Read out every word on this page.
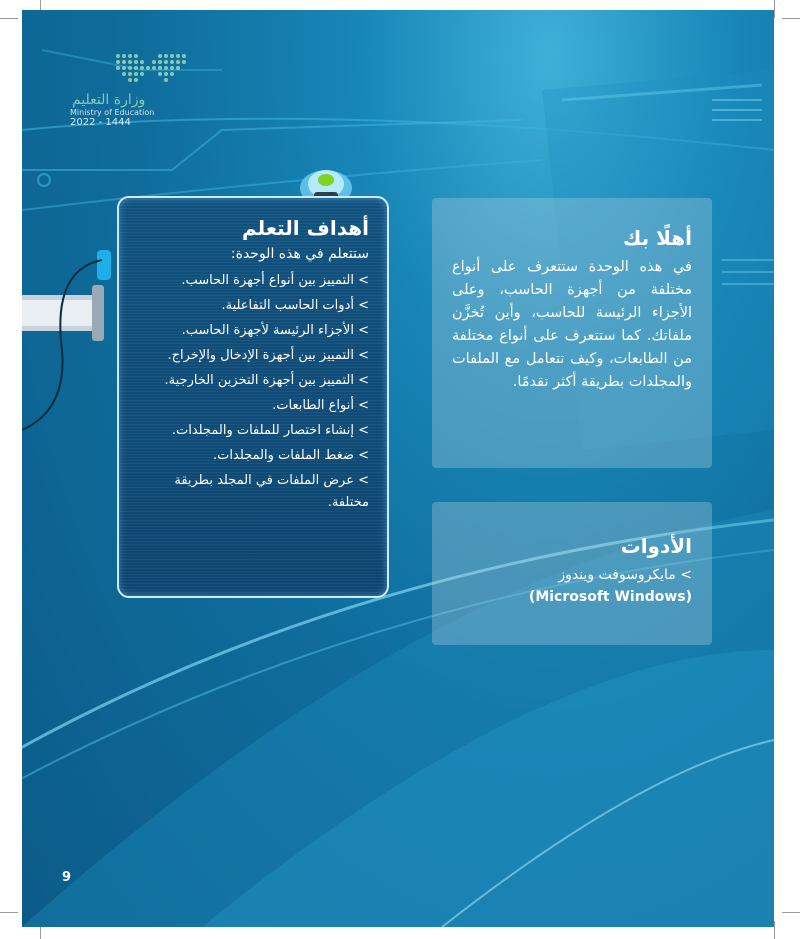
وزارة التعليم
Ministry of Education
2022 - 1444
أهداف التعلم
ستتعلم في هذه الوحدة:
> التمييز بين أنواع أجهزة الحاسب.
> أدوات الحاسب التفاعلية.
> الأجزاء الرئيسة لأجهزة الحاسب.
> التمييز بين أجهزة الإدخال والإخراج.
> التمييز بين أجهزة التخزين الخارجية.
> أنواع الطابعات.
> إنشاء اختصار للملفات والمجلدات.
> ضغط الملفات والمجلدات.
> عرض الملفات في المجلد بطريقة مختلفة.
أهلًا بك

في هذه الوحدة ستتعرف على أنواع مختلفة من أجهزة الحاسب، وعلى الأجزاء الرئيسة للحاسب، وأين تُخزَّن ملفاتك. كما ستتعرف على أنواع مختلفة من الطابعات، وكيف تتعامل مع الملفات والمجلدات بطريقة أكثر تقدمًا.

الأدوات
> مايكروسوفت ويندوز
(Microsoft Windows)
9
